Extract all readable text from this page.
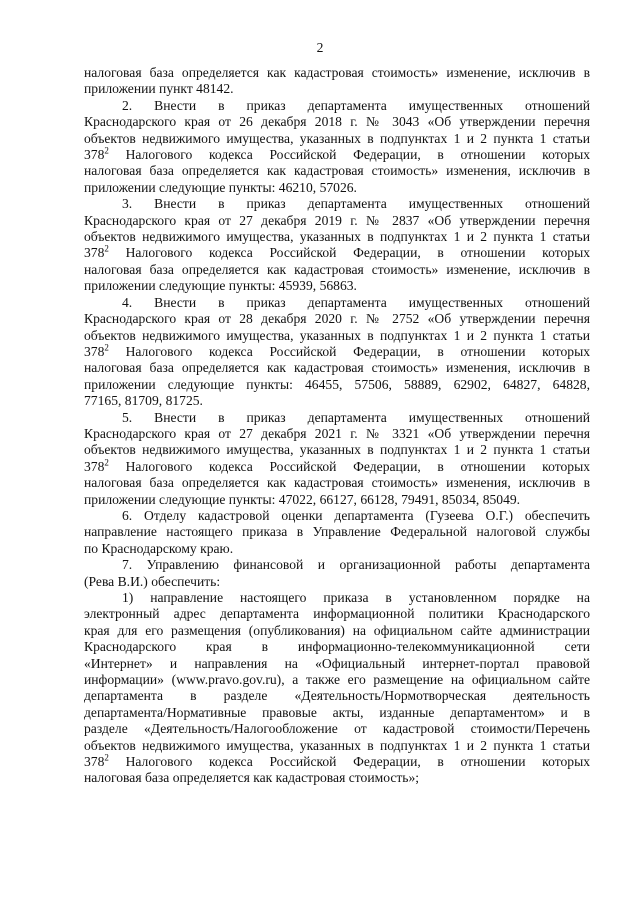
2
налоговая база определяется как кадастровая стоимость» изменение, исключив в
приложении пункт 48142.
2. Внести в приказ департамента имущественных отношений
Краснодарского края от 26 декабря 2018 г. № 3043 «Об утверждении перечня
объектов недвижимого имущества, указанных в подпунктах 1 и 2 пункта 1 статьи
$378^2$ Налогового кодекса Российской Федерации, в отношении которых
налоговая база определяется как кадастровая стоимость» изменения, исключив в
приложении следующие пункты: 46210, 57026.
3. Внести в приказ департамента имущественных отношений
Краснодарского края от 27 декабря 2019 г. № 2837 «Об утверждении перечня
объектов недвижимого имущества, указанных в подпунктах 1 и 2 пункта 1 статьи
$378^2$ Налогового кодекса Российской Федерации, в отношении которых
налоговая база определяется как кадастровая стоимость» изменение, исключив в
приложении следующие пункты: 45939, 56863.
4. Внести в приказ департамента имущественных отношений
Краснодарского края от 28 декабря 2020 г. № 2752 «Об утверждении перечня
объектов недвижимого имущества, указанных в подпунктах 1 и 2 пункта 1 статьи
$378^2$ Налогового кодекса Российской Федерации, в отношении которых
налоговая база определяется как кадастровая стоимость» изменения, исключив в
приложении следующие пункты: 46455, 57506, 58889, 62902, 64827, 64828,
77165, 81709, 81725.
5. Внести в приказ департамента имущественных отношений
Краснодарского края от 27 декабря 2021 г. № 3321 «Об утверждении перечня
объектов недвижимого имущества, указанных в подпунктах 1 и 2 пункта 1 статьи
$378^2$ Налогового кодекса Российской Федерации, в отношении которых
налоговая база определяется как кадастровая стоимость» изменения, исключив в
приложении следующие пункты: 47022, 66127, 66128, 79491, 85034, 85049.
6. Отделу кадастровой оценки департамента (Гузеева О.Г.) обеспечить
направление настоящего приказа в Управление Федеральной налоговой службы
по Краснодарскому краю.
7. Управлению финансовой и организационной работы департамента
(Рева В.И.) обеспечить:
1) направление настоящего приказа в установленном порядке на
электронный адрес департамента информационной политики Краснодарского
края для его размещения (опубликования) на официальном сайте администрации
Краснодарского края в информационно-телекоммуникационной сети
«Интернет» и направления на «Официальный интернет-портал правовой
информации» (www.pravo.gov.ru), а также его размещение на официальном сайте
департамента в разделе «Деятельность/Нормотворческая деятельность
департамента/Нормативные правовые акты, изданные департаментом» и в
разделе «Деятельность/Налогообложение от кадастровой стоимости/Перечень
объектов недвижимого имущества, указанных в подпунктах 1 и 2 пункта 1 статьи
$378^2$ Налогового кодекса Российской Федерации, в отношении которых
налоговая база определяется как кадастровая стоимость»;
